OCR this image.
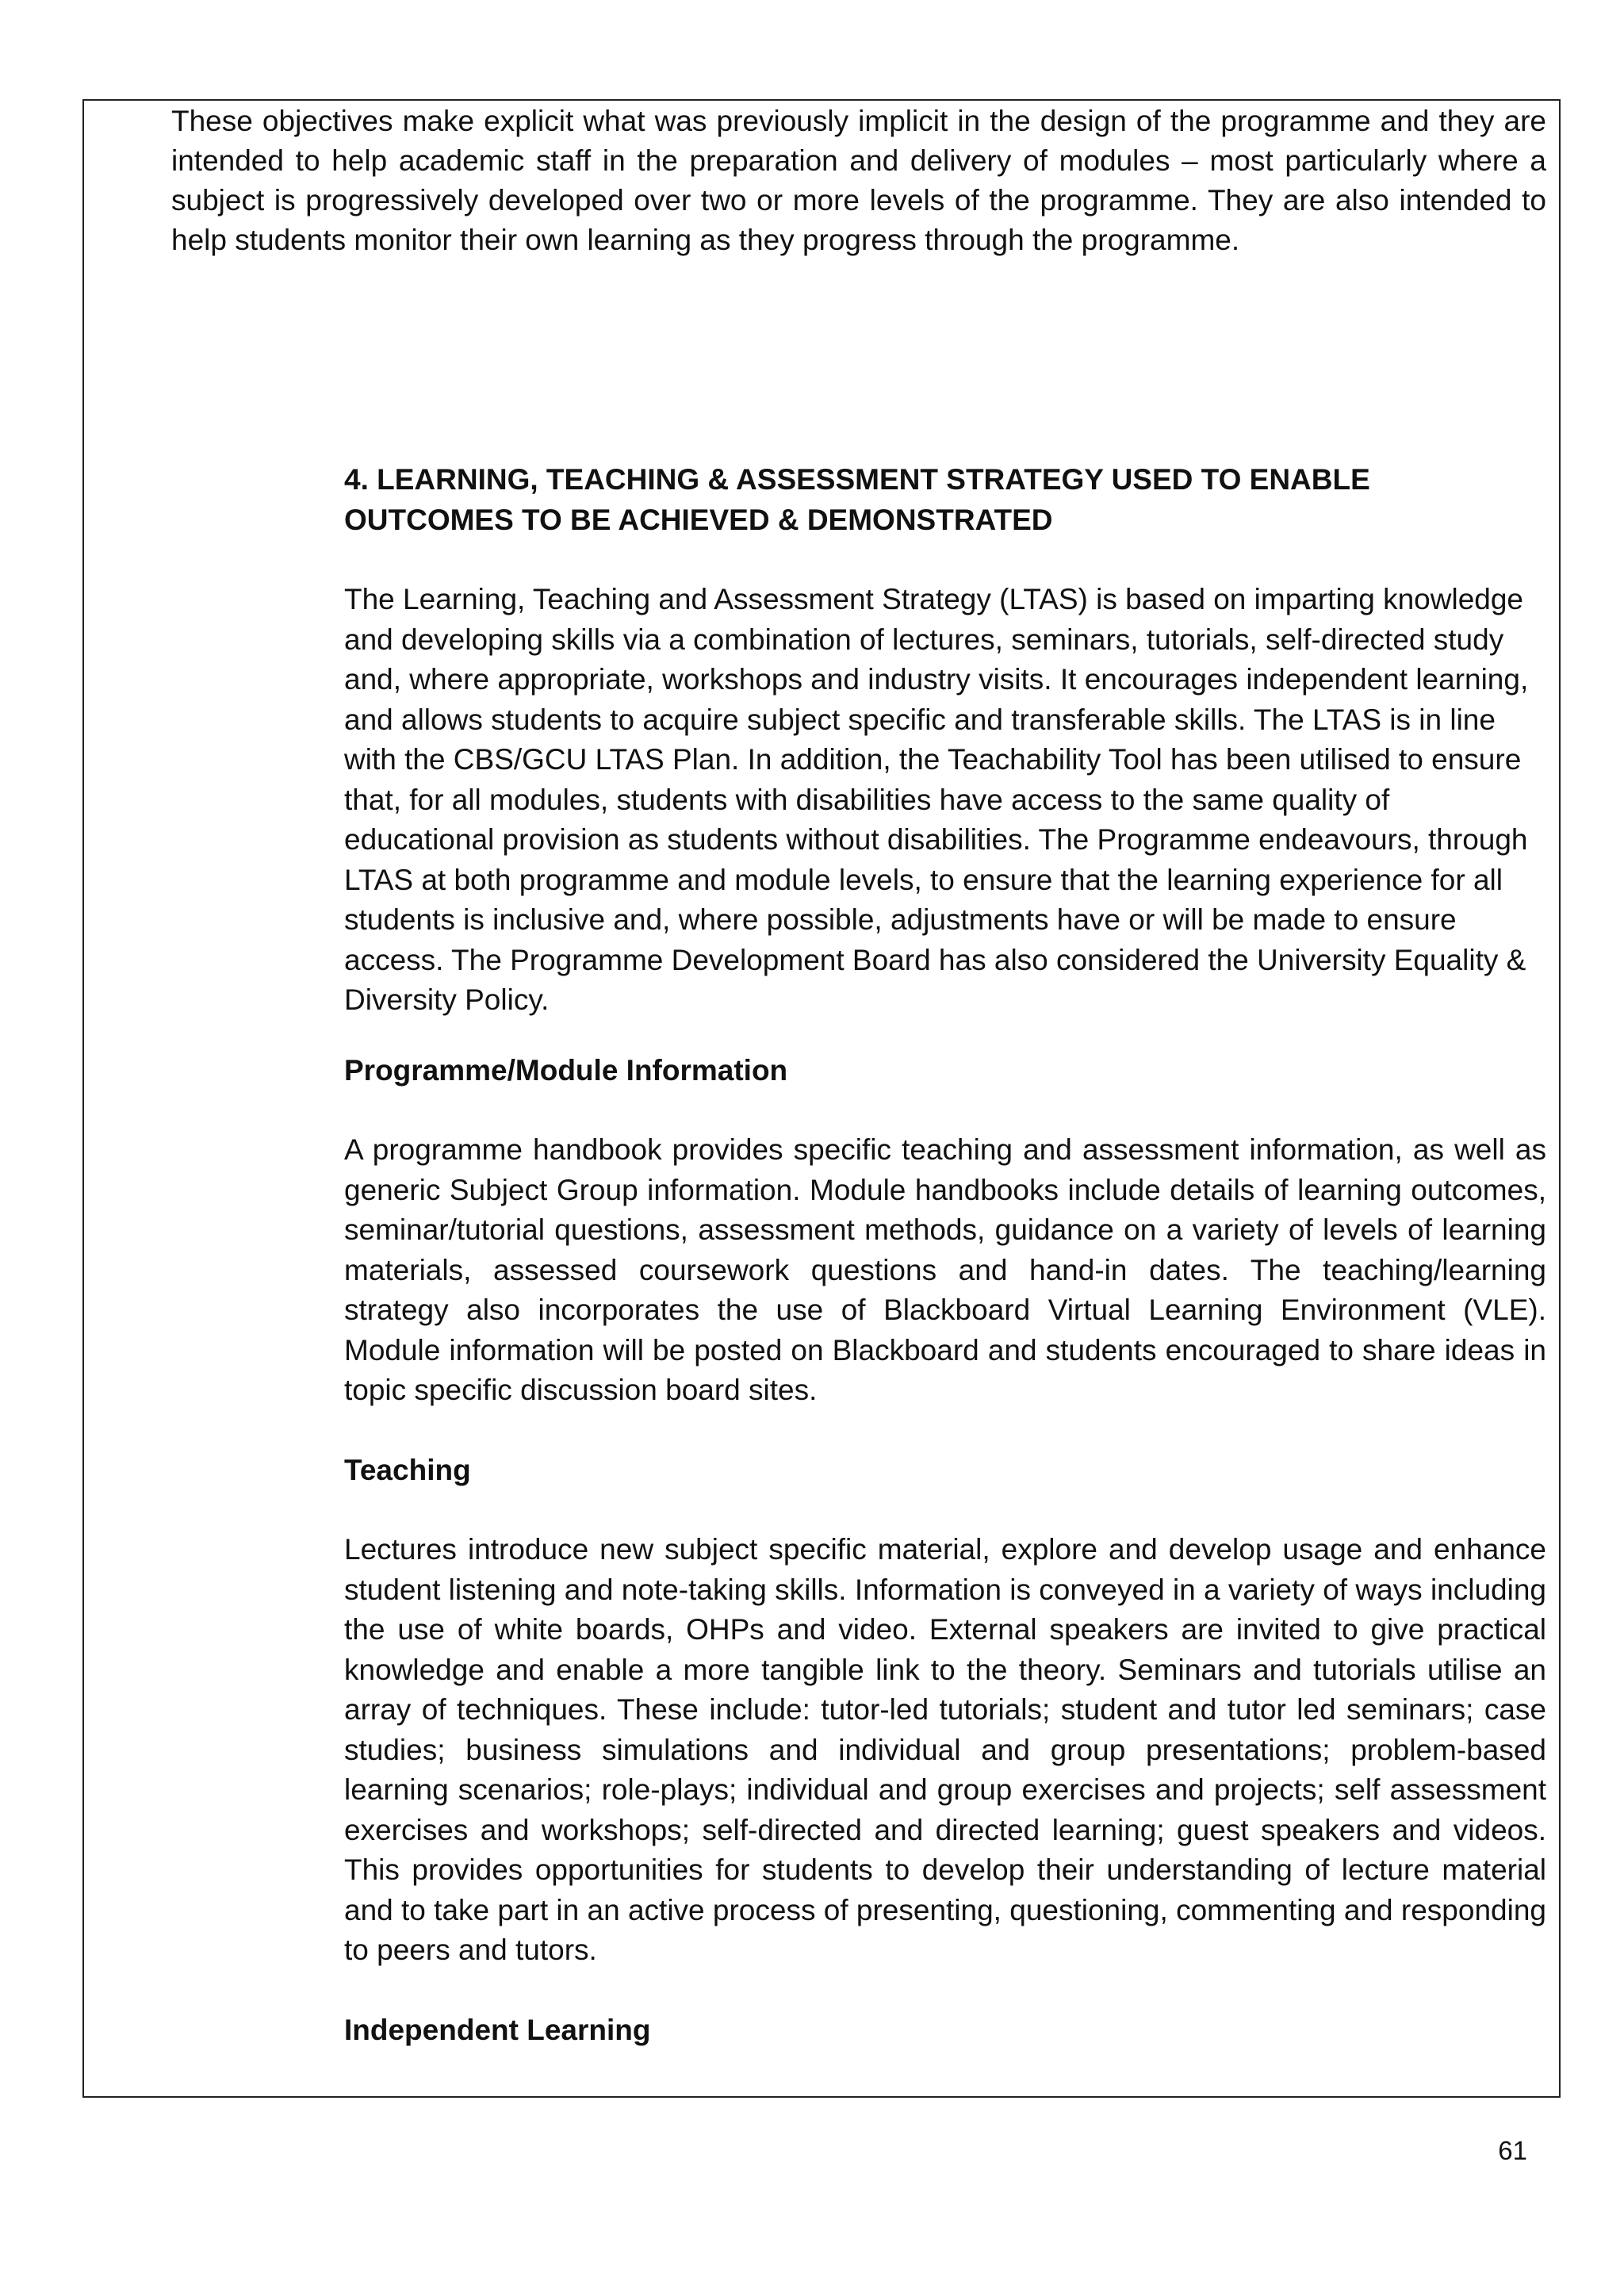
These objectives make explicit what was previously implicit in the design of the programme and they are intended to help academic staff in the preparation and delivery of modules – most particularly where a subject is progressively developed over two or more levels of the programme. They are also intended to help students monitor their own learning as they progress through the programme.

4. LEARNING, TEACHING & ASSESSMENT STRATEGY USED TO ENABLE OUTCOMES TO BE ACHIEVED & DEMONSTRATED

The Learning, Teaching and Assessment Strategy (LTAS) is based on imparting knowledge and developing skills via a combination of lectures, seminars, tutorials, self-directed study and, where appropriate, workshops and industry visits. It encourages independent learning, and allows students to acquire subject specific and transferable skills. The LTAS is in line with the CBS/GCU LTAS Plan. In addition, the Teachability Tool has been utilised to ensure that, for all modules, students with disabilities have access to the same quality of educational provision as students without disabilities. The Programme endeavours, through LTAS at both programme and module levels, to ensure that the learning experience for all students is inclusive and, where possible, adjustments have or will be made to ensure access. The Programme Development Board has also considered the University Equality & Diversity Policy.

Programme/Module Information

A programme handbook provides specific teaching and assessment information, as well as generic Subject Group information. Module handbooks include details of learning outcomes, seminar/tutorial questions, assessment methods, guidance on a variety of levels of learning materials, assessed coursework questions and hand-in dates. The teaching/learning strategy also incorporates the use of Blackboard Virtual Learning Environment (VLE). Module information will be posted on Blackboard and students encouraged to share ideas in topic specific discussion board sites.

Teaching

Lectures introduce new subject specific material, explore and develop usage and enhance student listening and note-taking skills. Information is conveyed in a variety of ways including the use of white boards, OHPs and video. External speakers are invited to give practical knowledge and enable a more tangible link to the theory. Seminars and tutorials utilise an array of techniques. These include: tutor-led tutorials; student and tutor led seminars; case studies; business simulations and individual and group presentations; problem-based learning scenarios; role-plays; individual and group exercises and projects; self assessment exercises and workshops; self-directed and directed learning; guest speakers and videos. This provides opportunities for students to develop their understanding of lecture material and to take part in an active process of presenting, questioning, commenting and responding to peers and tutors.

Independent Learning

61
